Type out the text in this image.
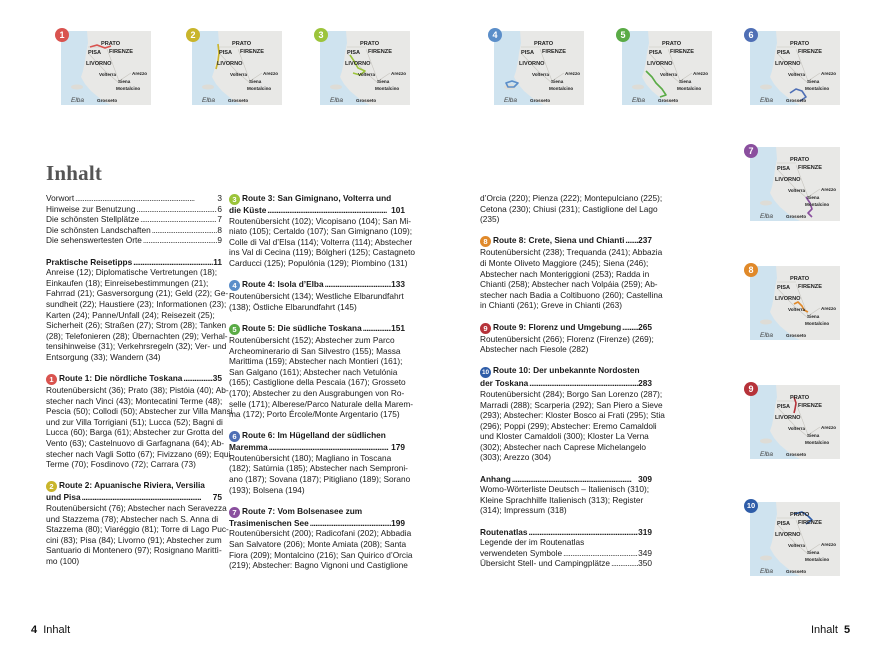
PISA
PRATO
FIRENZE
LIVORNO
Volterra	Arezzo
Siena
Montalcino
Elba	Grosseto
1
PISA
PRATO
FIRENZE
LIVORNO
Volterra	Arezzo
Siena
Montalcino
Elba	Grosseto
2
PISA
PRATO
FIRENZE
LIVORNO
Volterra	Arezzo
Siena
Montalcino
Elba	Grosseto
3
PISA
PRATO
FIRENZE
LIVORNO
Volterra	Arezzo
Siena
Montalcino
Elba	Grosseto
4
PISA
PRATO
FIRENZE
LIVORNO
Volterra	Arezzo
Siena
Montalcino
Elba	Grosseto
5
PISA
PRATO
FIRENZE
LIVORNO
Volterra	Arezzo
Siena
Montalcino
Elba	Grosseto
6
PISA
PRATO
FIRENZE
LIVORNO
Volterra	Arezzo
Siena
Montalcino
Elba	Grosseto
7
PISA
PRATO
FIRENZE
LIVORNO
Volterra	Arezzo
Siena
Montalcino
Elba	Grosseto
8
PISA
PRATO
FIRENZE
LIVORNO
Volterra	Arezzo
Siena
Montalcino
Elba	Grosseto
9
PISA
PRATO
FIRENZE
LIVORNO
Volterra	Arezzo
Siena
Montalcino
Elba	Grosseto
10
Inhalt
Vorwort . . .	3
Hinweise zur Benutzung . . .	6
Die schönsten Stellplätze . . .	7
Die schönsten Landschaften . . .	8
Die sehenswertesten Orte . . .	9
Praktische Reisetipps . . .	11
Anreise (12); Diplomatische Vertretungen (18);
Einkaufen (18); Einreisebestimmungen (21);
Fahrrad (21); Gasversorgung (21); Geld (22); Ge-
sundheit (22); Haustiere (23); Informationen (23);
Karten (24); Panne/Unfall (24); Reisezeit (25);
Sicherheit (26); Straßen (27); Strom (28); Tanken
(28); Telefonieren (28); Übernachten (29); Verhal-
tensihinweise (31); Verkehrsregeln (32); Ver- und
Entsorgung (33); Wandern (34)
1 Route 1: Die nördliche Toskana . . .	35
Routenübersicht (36); Prato (38); Pistóia (40); Ab-
stecher nach Vinci (43); Montecatini Terme (48);
Pescia (50); Collodi (50); Abstecher zur Villa Mansi
und zur Villa Torrigiani (51); Lucca (52); Bagni di
Lucca (60); Barga (61); Abstecher zur Grotta del
Vento (63); Castelnuovo di Garfagnana (64); Ab-
stecher nach Vagli Sotto (67); Fivizzano (69); Equi
Terme (70); Fosdinovo (72); Carrara (73)
2 Route 2: Apuanische Riviera, Versilia
und Pisa . . .	75
Routenübersicht (76); Abstecher nach Seravezza
und Stazzema (78); Abstecher nach S. Anna di
Stazzema (80); Viaréggio (81); Torre di Lago Puc-
cini (83); Pisa (84); Livorno (91); Abstecher zum
Santuario di Montenero (97); Rosignano Marittì-
mo (100)
3 Route 3: San Gimignano, Volterra und
die Küste . . .	101
Routenübersicht (102); Vicopisano (104); San Mi-
niato (105); Certaldo (107); San Gimignano (109);
Colle di Val d’Elsa (114); Volterra (114); Abstecher
ins Val di Cecina (119); Bólgheri (125); Castagneto
Carducci (125); Populónia (129); Piombino (131)
4 Route 4: Isola d’Elba . . .	133
Routenübersicht (134); Westliche Elbarundfahrt
(138); Östliche Elbarundfahrt (145)
5 Route 5: Die südliche Toskana . . .	151
Routenübersicht (152); Abstecher zum Parco
Archeominerario di San Silvestro (155); Massa
Marittima (159); Abstecher nach Montieri (161);
San Galgano (161); Abstecher nach Vetulónia
(165); Castiglione della Pescaia (167); Grosseto
(170); Abstecher zu den Ausgrabungen von Ro-
selle (171); Alberese/Parco Naturale della Marem-
ma (172); Porto Ércole/Monte Argentario (175)
6 Route 6: Im Hügelland der südlichen
Maremma . . .	179
Routenübersicht (180); Magliano in Toscana
(182); Satúrnia (185); Abstecher nach Semproni-
ano (187); Sovana (187); Pitigliano (189); Sorano
(193); Bolsena (194)
7 Route 7: Vom Bolsenasee zum
Trasimenischen See . . .	199
Routenübersicht (200); Radicofani (202); Abbadia
San Salvatore (206); Monte Amiata (208); Santa
Fiora (209); Montalcino (216); San Quirico d’Orcia
(219); Abstecher: Bagno Vignoni und Castiglione
d’Orcia (220); Pienza (222); Montepulciano (225);
Cetona (230); Chiusi (231); Castiglione del Lago
(235)
8 Route 8: Crete, Siena und Chianti . . . 237
Routenübersicht (238); Trequanda (241); Abbazia
di Monte Oliveto Maggiore (245); Siena (246);
Abstecher nach Monteriggioni (253); Radda in
Chianti (258); Abstecher nach Volpáia (259); Ab-
stecher nach Badia a Coltibuono (260); Castellina
in Chianti (261); Greve in Chianti (263)
9 Route 9: Florenz und Umgebung . . . 265
Routenübersicht (266); Florenz (Firenze) (269);
Abstecher nach Fiesole (282)
10 Route 10: Der unbekannte Nordosten
der Toskana . . .	283
Routenübersicht (284); Borgo San Lorenzo (287);
Marradi (288); Scarperia (292); San Piero a Sieve
(293); Abstecher: Kloster Bosco ai Frati (295); Stia
(296); Poppi (299); Abstecher: Eremo Camaldoli
und Kloster Camaldoli (300); Kloster La Verna
(302); Abstecher nach Caprese Michelangelo
(303); Arezzo (304)
Anhang . . .	309
Womo-Wörterliste Deutsch – Italienisch (310);
Kleine Sprachhilfe Italienisch (313); Register
(314); Impressum (318)
Routenatlas . . .	319
Legende der im Routenatlas
verwendeten Symbole . . .	349
Übersicht Stell- und Campingplätze . . .	350
4 Inhalt	Inhalt 5
